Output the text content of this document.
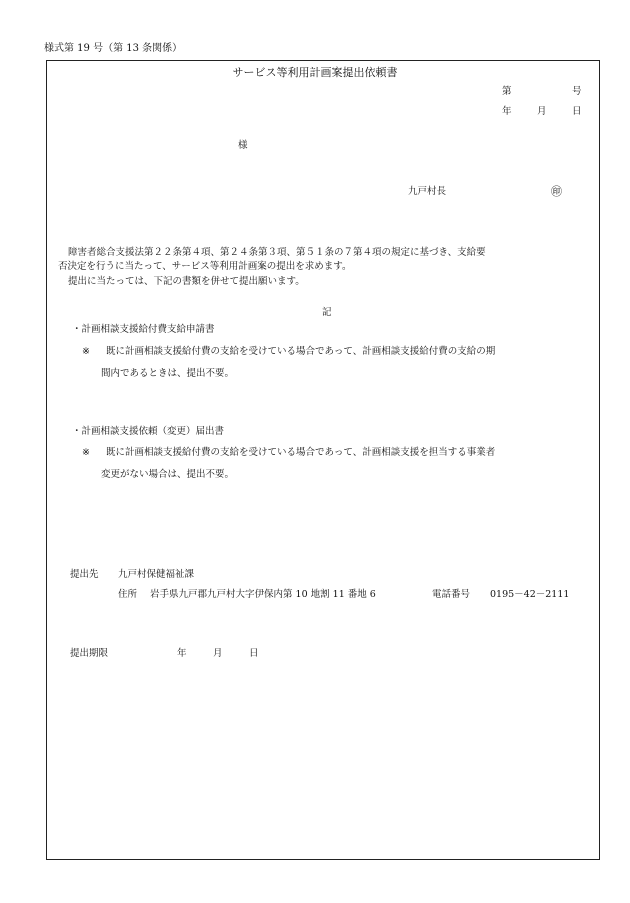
様式第 19 号（第 13 条関係）
サービス等利用計画案提出依頼書
第	号
年	月	日
様
九戸村長	㊞
障害者総合支援法第２２条第４項、第２４条第３項、第５１条の７第４項の規定に基づき、支給要
否決定を行うに当たって、サービス等利用計画案の提出を求めます。
提出に当たっては、下記の書類を併せて提出願います。
記
・計画相談支援給付費支給申請書
※ 既に計画相談支援給付費の支給を受けている場合であって、計画相談支援給付費の支給の期
間内であるときは、提出不要。
・計画相談支援依頼（変更）届出書
※ 既に計画相談支援給付費の支給を受けている場合であって、計画相談支援を担当する事業者
変更がない場合は、提出不要。
提出先 九戸村保健福祉課
住所 岩手県九戸郡九戸村大字伊保内第 10 地割 11 番地 6	電話番号 0195－42－2111
提出期限	年	月	日
